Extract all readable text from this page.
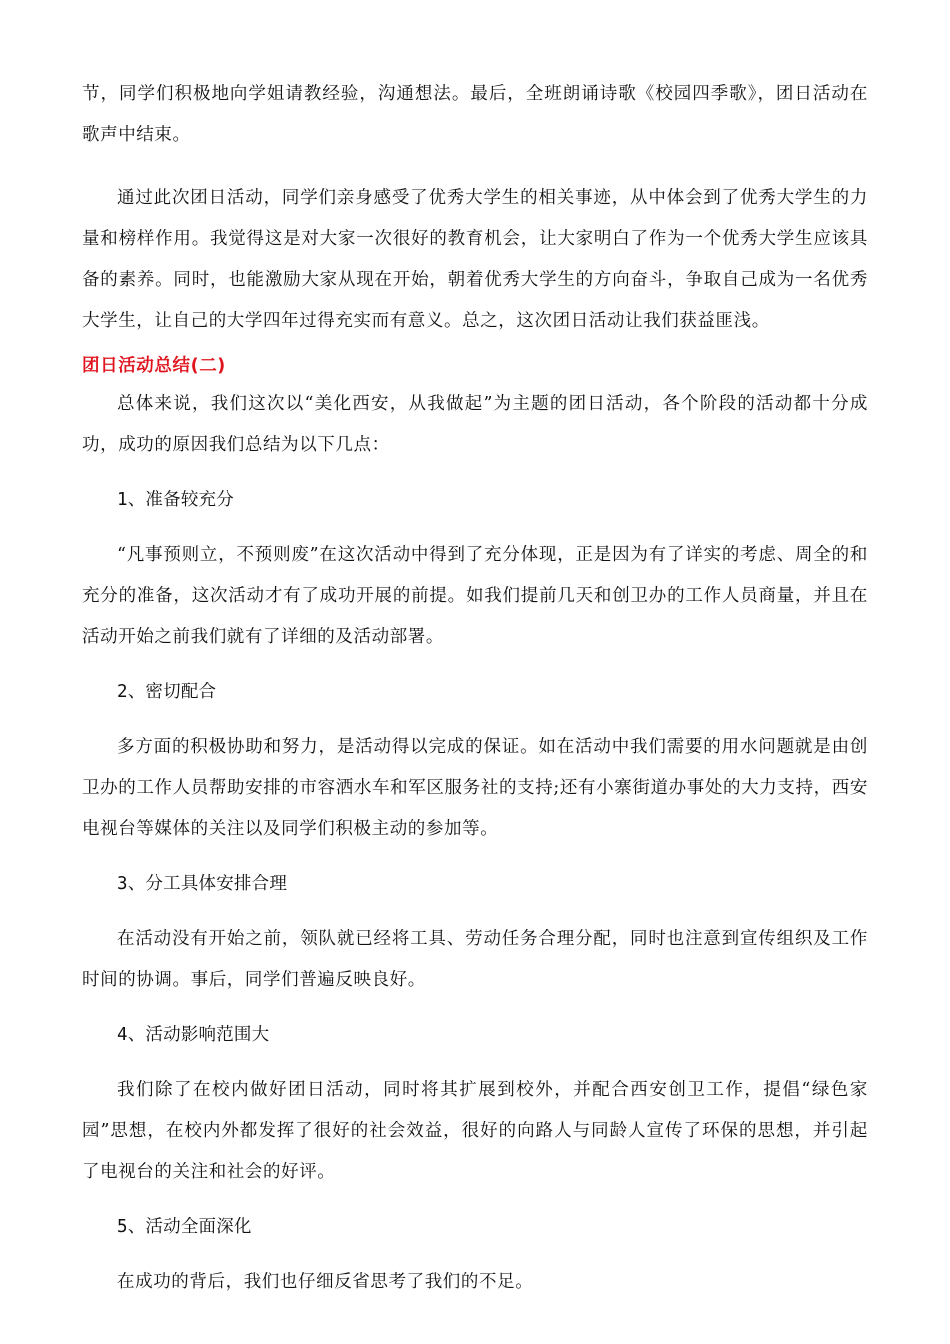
节，同学们积极地向学姐请教经验，沟通想法。最后，全班朗诵诗歌《校园四季歌》，团日活动在歌声中结束。

通过此次团日活动，同学们亲身感受了优秀大学生的相关事迹，从中体会到了优秀大学生的力量和榜样作用。我觉得这是对大家一次很好的教育机会，让大家明白了作为一个优秀大学生应该具备的素养。同时，也能激励大家从现在开始，朝着优秀大学生的方向奋斗，争取自己成为一名优秀大学生，让自己的大学四年过得充实而有意义。总之，这次团日活动让我们获益匪浅。

团日活动总结(二)

总体来说，我们这次以“美化西安，从我做起”为主题的团日活动，各个阶段的活动都十分成功，成功的原因我们总结为以下几点：

1、准备较充分

“凡事预则立，不预则废”在这次活动中得到了充分体现，正是因为有了详实的考虑、周全的和充分的准备，这次活动才有了成功开展的前提。如我们提前几天和创卫办的工作人员商量，并且在活动开始之前我们就有了详细的及活动部署。

2、密切配合

多方面的积极协助和努力，是活动得以完成的保证。如在活动中我们需要的用水问题就是由创卫办的工作人员帮助安排的市容洒水车和军区服务社的支持;还有小寨街道办事处的大力支持，西安电视台等媒体的关注以及同学们积极主动的参加等。

3、分工具体安排合理

在活动没有开始之前，领队就已经将工具、劳动任务合理分配，同时也注意到宣传组织及工作时间的协调。事后，同学们普遍反映良好。

4、活动影响范围大

我们除了在校内做好团日活动，同时将其扩展到校外，并配合西安创卫工作，提倡“绿色家园”思想，在校内外都发挥了很好的社会效益，很好的向路人与同龄人宣传了环保的思想，并引起了电视台的关注和社会的好评。

5、活动全面深化

在成功的背后，我们也仔细反省思考了我们的不足。
